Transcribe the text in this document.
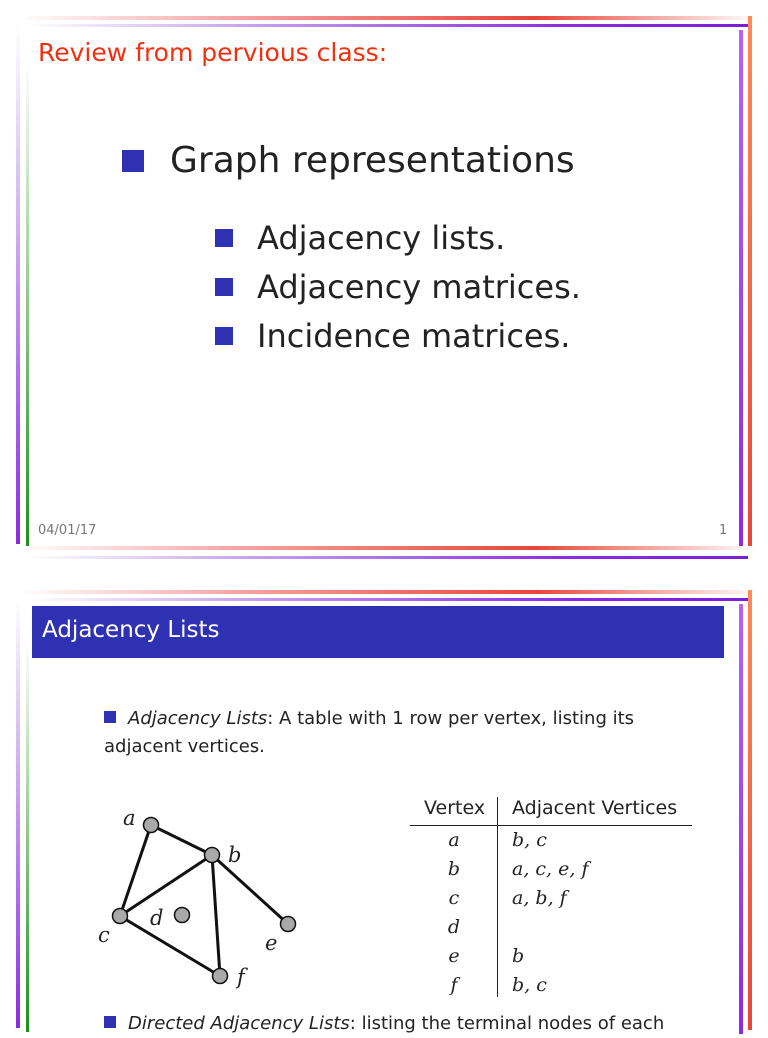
Review from pervious class:
Graph representations
Adjacency lists.
Adjacency matrices.
Incidence matrices.
04/01/17	1
Adjacency Lists
Adjacency Lists: A table with 1 row per vertex, listing its
adjacent vertices.
a
b
c
d
e
f
Vertex Adjacent Vertices
a	b, c
b	a, c, e, f
c	a, b, f
d
e	b
f	b, c
Directed Adjacency Lists: listing the terminal nodes of each
